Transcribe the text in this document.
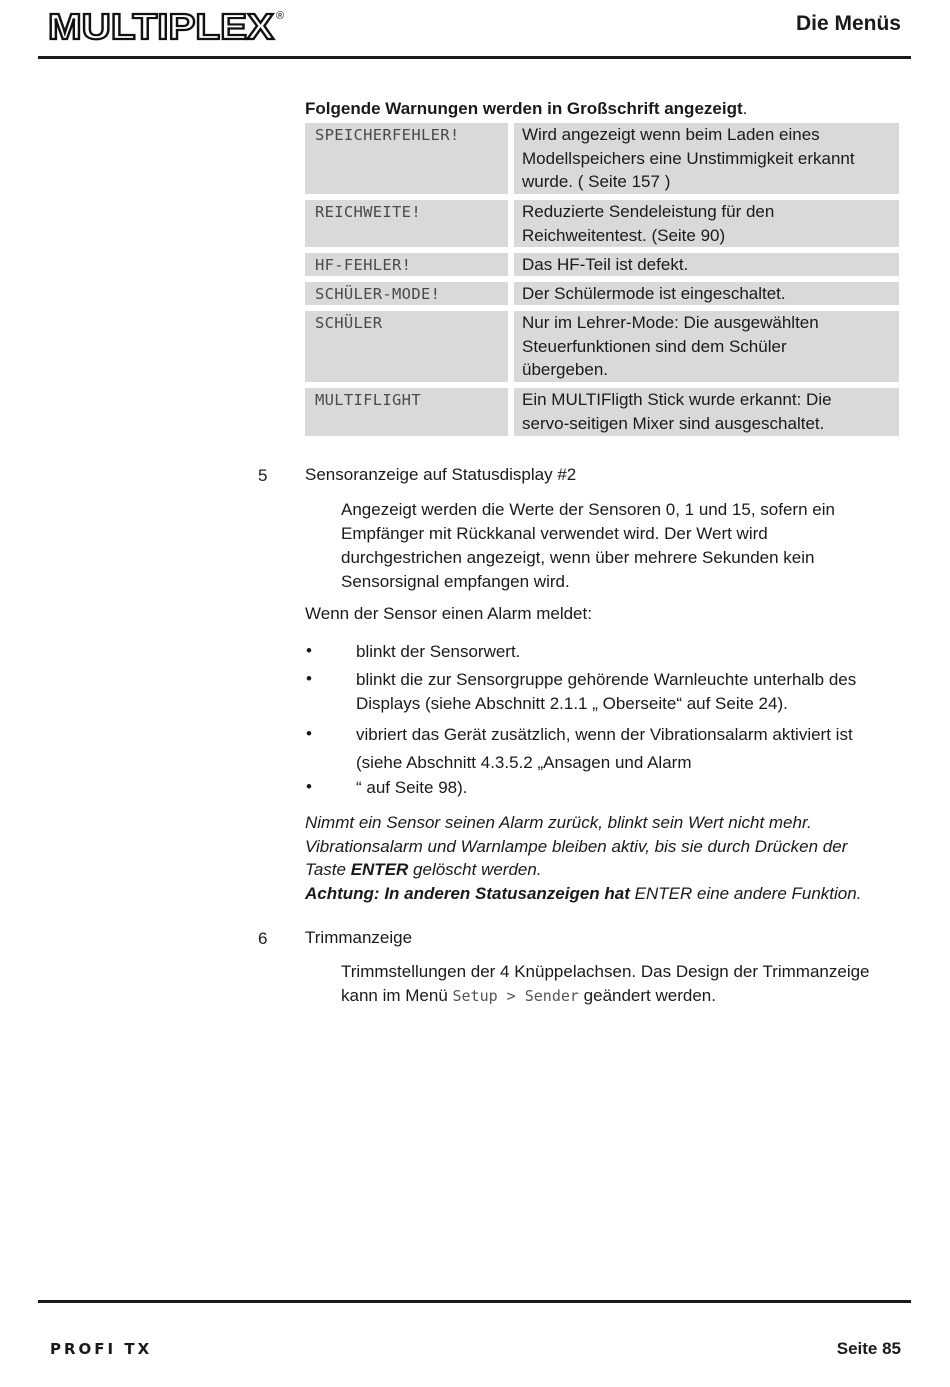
MULTIPLEX ®	Die Menüs
Folgende Warnungen werden in Großschrift angezeigt.
SPEICHERFEHLER!	Wird angezeigt wenn beim Laden eines
Modellspeichers eine Unstimmigkeit erkannt
wurde. ( Seite 157 )
REICHWEITE!	Reduzierte Sendeleistung für den
Reichweitentest. (Seite 90)
HF-FEHLER!	Das HF-Teil ist defekt.
SCHÜLER-MODE!	Der Schülermode ist eingeschaltet.
SCHÜLER	Nur im Lehrer-Mode: Die ausgewählten
Steuerfunktionen sind dem Schüler
übergeben.
MULTIFLIGHT	Ein MULTIFligth Stick wurde erkannt: Die
servo-seitigen Mixer sind ausgeschaltet.
5 Sensoranzeige auf Statusdisplay #2
Angezeigt werden die Werte der Sensoren 0, 1 und 15, sofern ein
Empfänger mit Rückkanal verwendet wird. Der Wert wird
durchgestrichen angezeigt, wenn über mehrere Sekunden kein
Sensorsignal empfangen wird.
Wenn der Sensor einen Alarm meldet:
•	blinkt der Sensorwert.
•	blinkt die zur Sensorgruppe gehörende Warnleuchte unterhalb des
Displays (siehe Abschnitt 2.1.1 „ Oberseite“ auf Seite 24).
•	vibriert das Gerät zusätzlich, wenn der Vibrationsalarm aktiviert ist
(siehe Abschnitt 4.3.5.2 „Ansagen und Alarm
•	“ auf Seite 98).
Nimmt ein Sensor seinen Alarm zurück, blinkt sein Wert nicht mehr.
Vibrationsalarm und Warnlampe bleiben aktiv, bis sie durch Drücken der
Taste ENTER gelöscht werden.
Achtung: In anderen Statusanzeigen hat ENTER eine andere Funktion.
6 Trimmanzeige
Trimmstellungen der 4 Knüppelachsen. Das Design der Trimmanzeige
kann im Menü Setup > Sender geändert werden.
PROFI TX	Seite 85
